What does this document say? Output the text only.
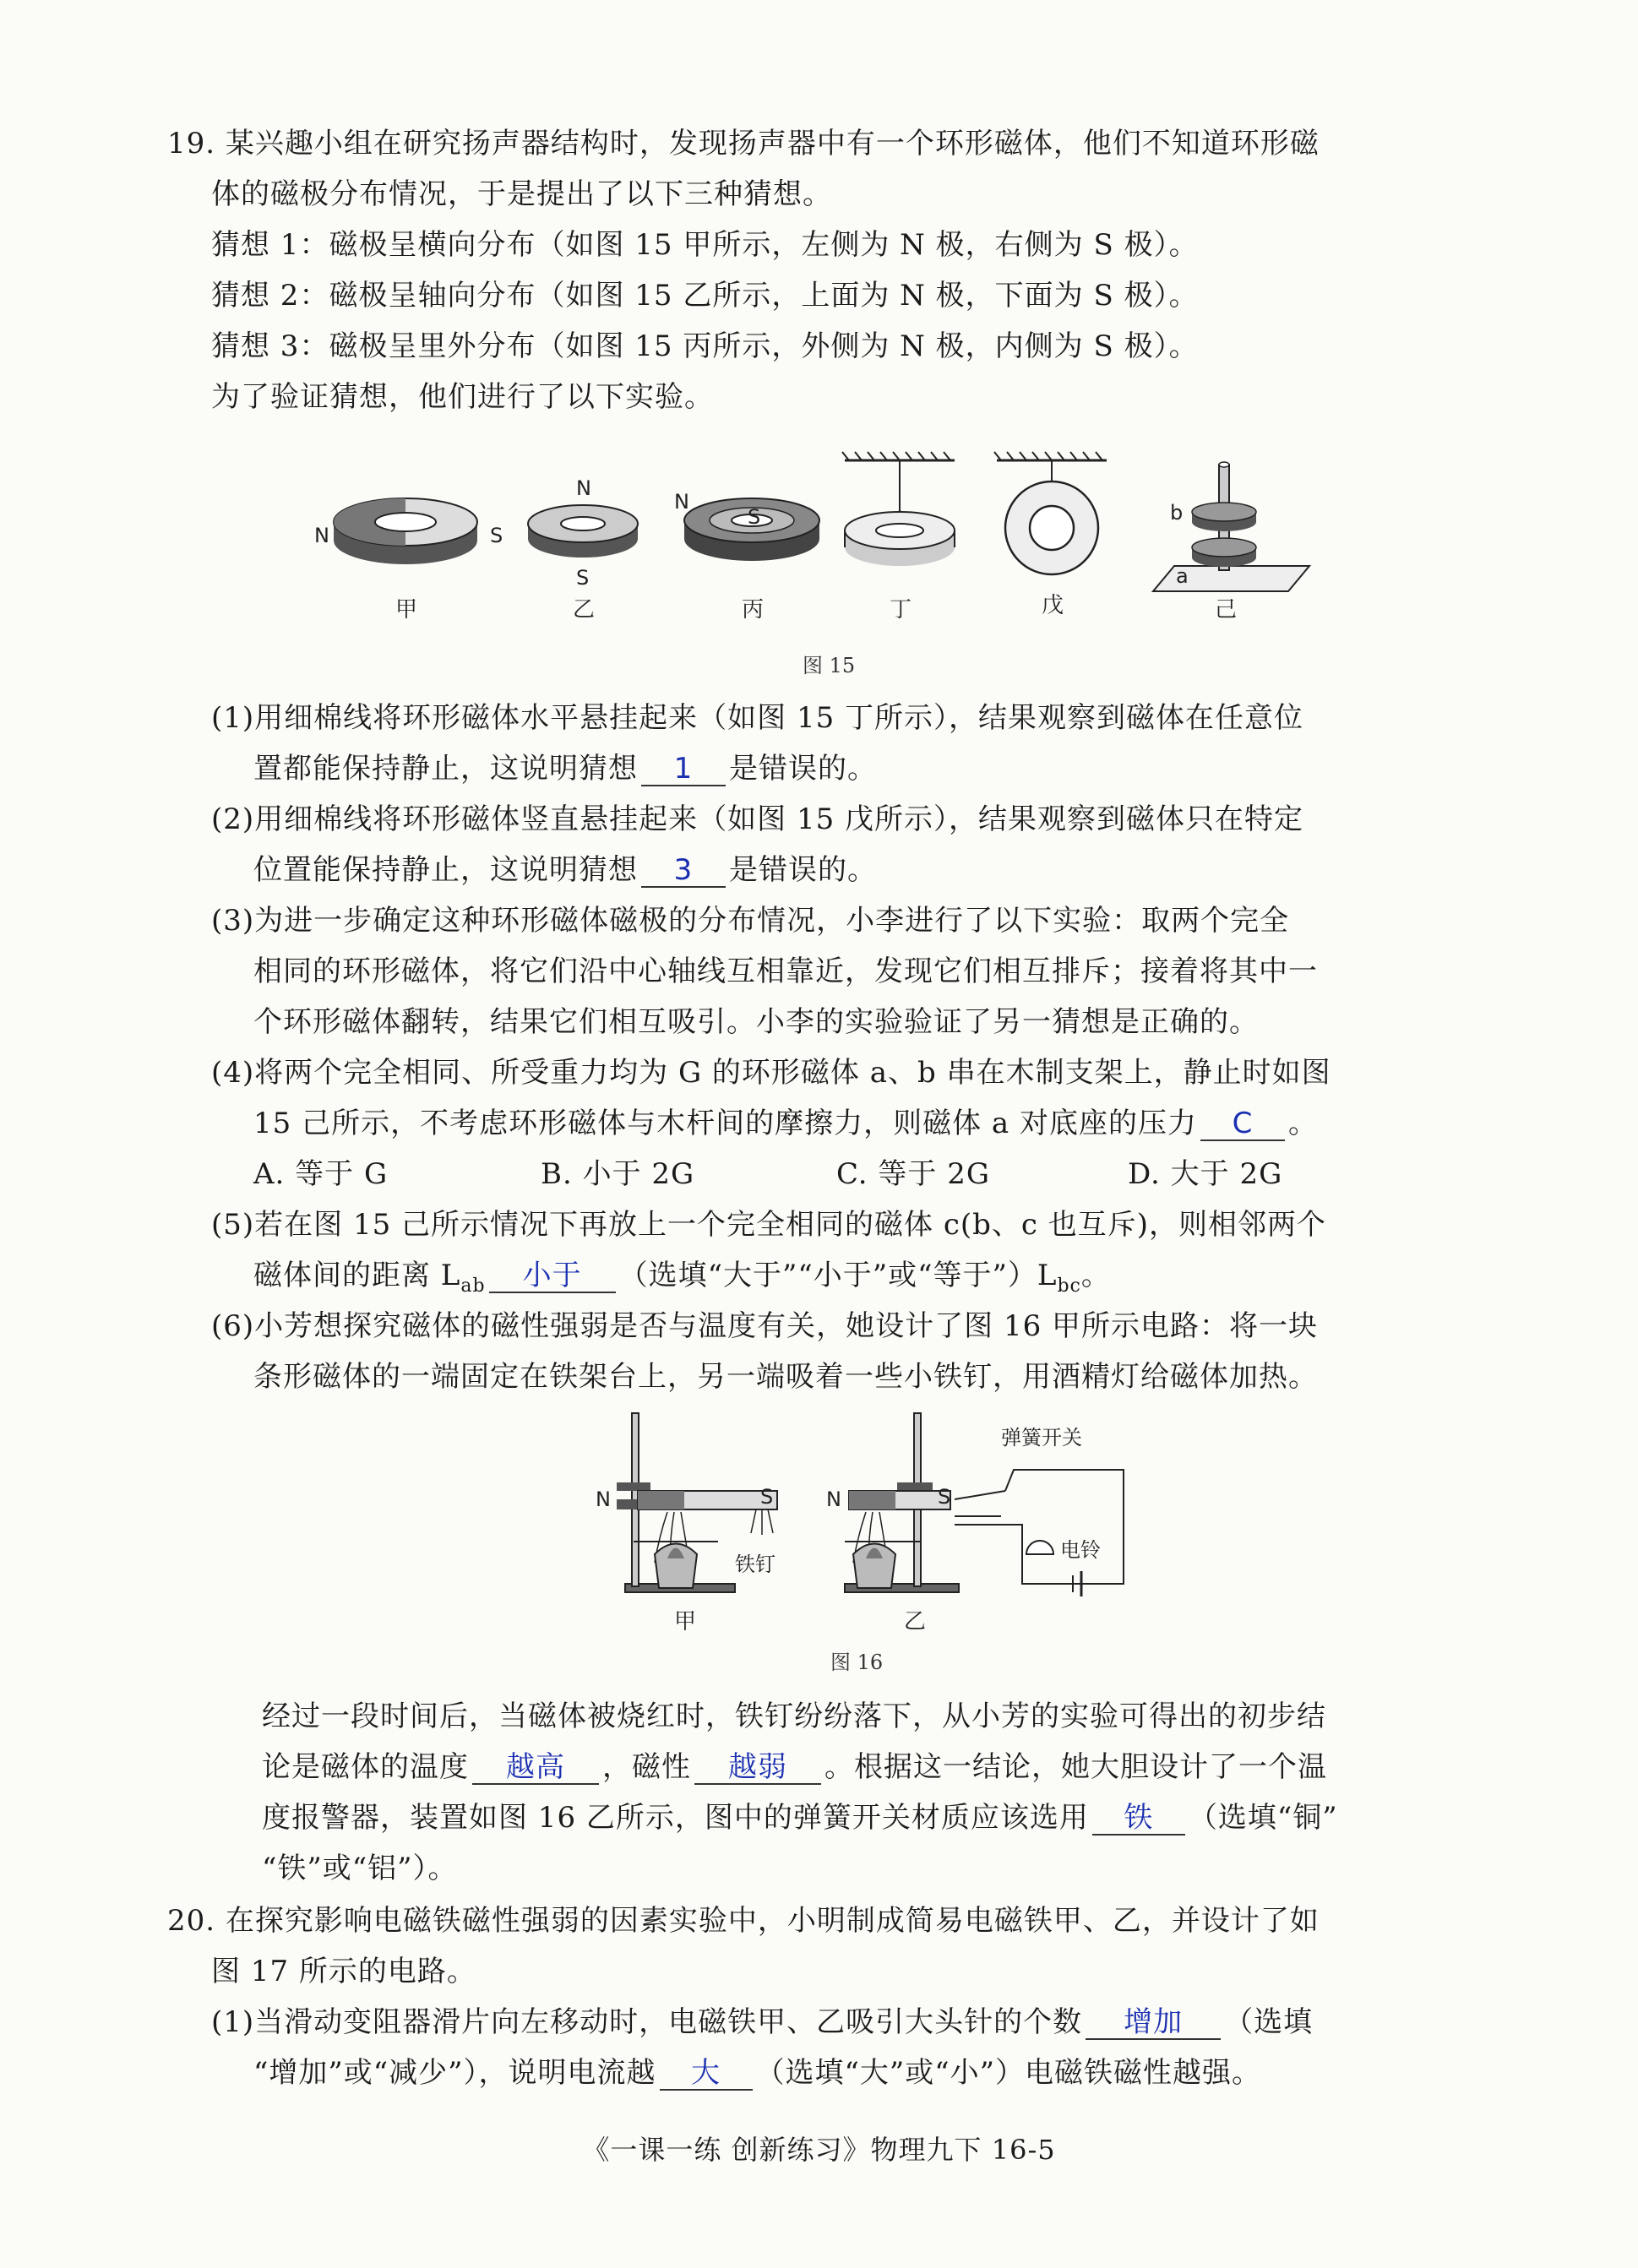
19. 某兴趣小组在研究扬声器结构时，发现扬声器中有一个环形磁体，他们不知道环形磁
体的磁极分布情况，于是提出了以下三种猜想。
猜想 1：磁极呈横向分布（如图 15 甲所示，左侧为 N 极，右侧为 S 极）。
猜想 2：磁极呈轴向分布（如图 15 乙所示，上面为 N 极，下面为 S 极）。
猜想 3：磁极呈里外分布（如图 15 丙所示，外侧为 N 极，内侧为 S 极）。
为了验证猜想，他们进行了以下实验。
N	S
甲
N
S
乙
N
S
丙	丁	戊
b
a
己
图 15
(1)用细棉线将环形磁体水平悬挂起来（如图 15 丁所示），结果观察到磁体在任意位
置都能保持静止，这说明猜想 1 是错误的。
(2)用细棉线将环形磁体竖直悬挂起来（如图 15 戊所示），结果观察到磁体只在特定
位置能保持静止，这说明猜想 3 是错误的。
(3)为进一步确定这种环形磁体磁极的分布情况，小李进行了以下实验：取两个完全
相同的环形磁体，将它们沿中心轴线互相靠近，发现它们相互排斥；接着将其中一
个环形磁体翻转，结果它们相互吸引。小李的实验验证了另一猜想是正确的。
(4)将两个完全相同、所受重力均为 G 的环形磁体 a、b 串在木制支架上，静止时如图
15 己所示，不考虑环形磁体与木杆间的摩擦力，则磁体 a 对底座的压力 C 。
A. 等于 G	B. 小于 2G	C. 等于 2G	D. 大于 2G
(5)若在图 15 己所示情况下再放上一个完全相同的磁体 c(b、c 也互斥)，则相邻两个
磁体间的距离 $L_{ab}$ 小于 （选填“大于”“小于”或“等于$”)L_{bc}$。
(6)小芳想探究磁体的磁性强弱是否与温度有关，她设计了图 16 甲所示电路：将一块
条形磁体的一端固定在铁架台上，另一端吸着一些小铁钉，用酒精灯给磁体加热。
N	S
铁钉
甲
N	S
弹簧开关
电铃
乙
图 16
经过一段时间后，当磁体被烧红时，铁钉纷纷落下，从小芳的实验可得出的初步结
论是磁体的温度 越高 ，磁性 越弱 。根据这一结论，她大胆设计了一个温
度报警器，装置如图 16 乙所示，图中的弹簧开关材质应该选用 铁 （选填“铜”
“铁”或“铝”）。
20. 在探究影响电磁铁磁性强弱的因素实验中，小明制成简易电磁铁甲、乙，并设计了如
图 17 所示的电路。
(1)当滑动变阻器滑片向左移动时，电磁铁甲、乙吸引大头针的个数 增加 （选填
“增加”或“减少”），说明电流越 大 （选填“大”或“小”）电磁铁磁性越强。
《一课一练 创新练习》物理九下 16-5
